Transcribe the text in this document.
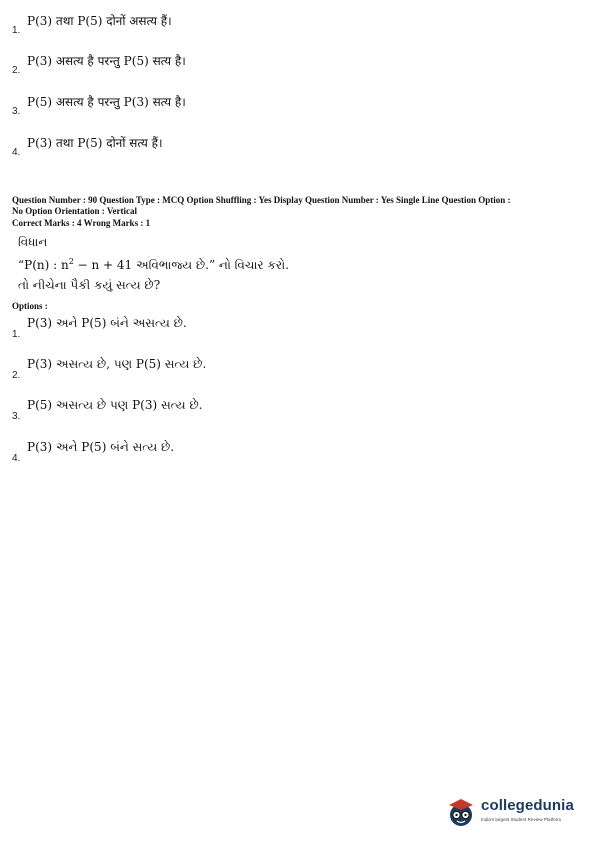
1.
P(3) तथा P(5) दोनों असत्य हैं।
2.
P(3) असत्य है परन्तु P(5) सत्य है।
3.
P(5) असत्य है परन्तु P(3) सत्य है।
4.
P(3) तथा P(5) दोनों सत्य हैं।
Question Number : 90 Question Type : MCQ Option Shuffling : Yes Display Question Number : Yes Single Line Question Option :
No Option Orientation : Vertical
Correct Marks : 4 Wrong Marks : 1
વિધાન
“P(n) : $n^2 - n + 41$ અવિભાજ્ય છે.” નો વિચાર કરો.
તો નીચેના પૈકી કયું સત્ય છે?
Options :
1.
P(3) અને P(5) બંને અસત્ય છે.
2.
P(3) અસત્ય છે, પણ P(5) સત્ય છે.
3.
P(5) અસત્ય છે પણ P(3) સત્ય છે.
4.
P(3) અને P(5) બંને સત્ય છે.
collegedunia
India's largest Student Review Platform
